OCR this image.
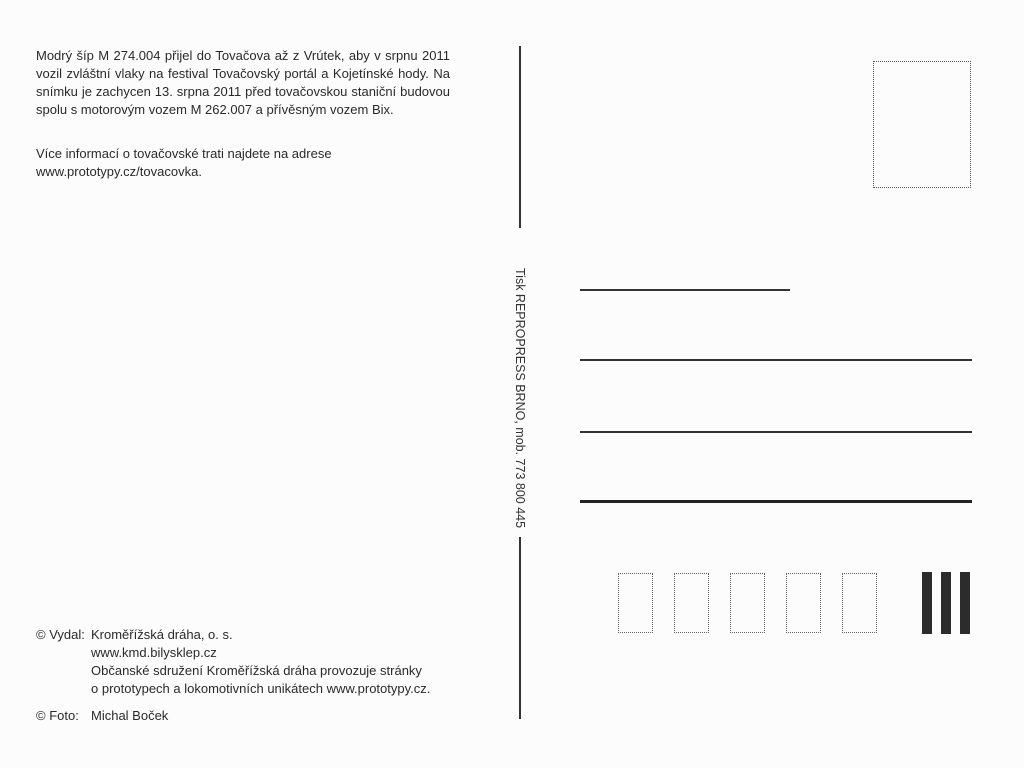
Modrý šíp M 274.004 přijel do Tovačova až z Vrútek, aby v srpnu 2011 vozil zvláštní vlaky na festival Tovačovský portál a Kojetínské hody. Na snímku je zachycen 13. srpna 2011 před tovačovskou staniční budovou spolu s motorovým vozem M 262.007 a přívěsným vozem Bix.

Více informací o tovačovské trati najdete na adrese

www.prototypy.cz/tovacovka.

© Vydal: Kroměřížská dráha, o. s.
www.kmd.bilysklep.cz
Občanské sdružení Kroměřížská dráha provozuje stránky
o prototypech a lokomotivních unikátech www.prototypy.cz.
© Foto: Michal Boček
Tisk REPROPRESS BRNO, mob. 773 800 445
